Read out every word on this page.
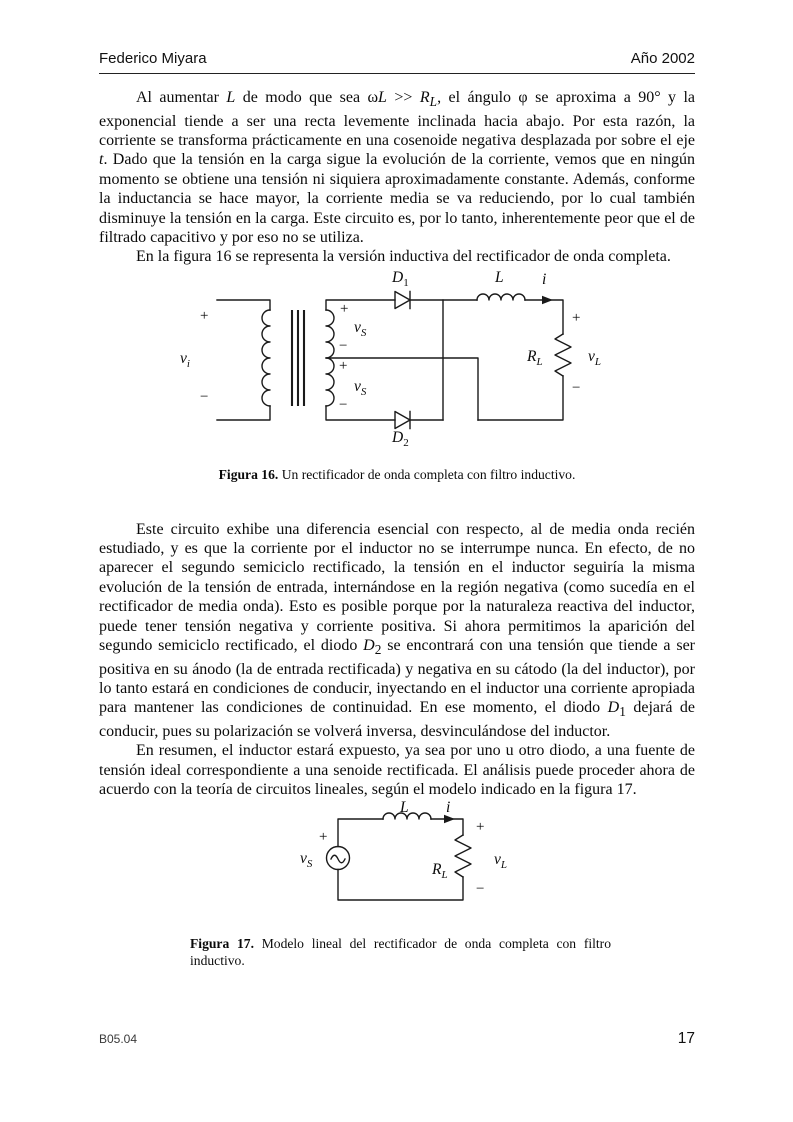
Federico Miyara	Año 2002

Al aumentar L de modo que sea $\omega L >> R_L$, el ángulo φ se aproxima a 90° y la exponencial tiende a ser una recta levemente inclinada hacia abajo. Por esta razón, la corriente se transforma prácticamente en una cosenoide negativa desplazada por sobre el eje t. Dado que la tensión en la carga sigue la evolución de la corriente, vemos que en ningún momento se obtiene una tensión ni siquiera aproximadamente constante. Además, conforme la inductancia se hace mayor, la corriente media se va reduciendo, por lo cual también disminuye la tensión en la carga. Este circuito es, por lo tanto, inherentemente peor que el de filtrado capacitivo y por eso no se utiliza.

En la figura 16 se representa la versión inductiva del rectificador de onda completa.

$v_i$
+
−
+
$v_S$
−
+
$v_S$
−
$D_1$
$D_2$
L i
+
$R_L$	$v_L$
−

Figura 16. Un rectificador de onda completa con filtro inductivo.

Este circuito exhibe una diferencia esencial con respecto, al de media onda recién estudiado, y es que la corriente por el inductor no se interrumpe nunca. En efecto, de no aparecer el segundo semiciclo rectificado, la tensión en el inductor seguiría la misma evolución de la tensión de entrada, internándose en la región negativa (como sucedía en el rectificador de media onda). Esto es posible porque por la naturaleza reactiva del inductor, puede tener tensión negativa y corriente positiva. Si ahora permitimos la aparición del segundo semiciclo rectificado, el diodo $D_2$ se encontrará con una tensión que tiende a ser positiva en su ánodo (la de entrada rectificada) y negativa en su cátodo (la del inductor), por lo tanto estará en condiciones de conducir, inyectando en el inductor una corriente apropiada para mantener las condiciones de continuidad. En ese momento, el diodo $D_1$ dejará de conducir, pues su polarización se volverá inversa, desvinculándose del inductor.

En resumen, el inductor estará expuesto, ya sea por uno u otro diodo, a una fuente de tensión ideal correspondiente a una senoide rectificada. El análisis puede proceder ahora de acuerdo con la teoría de circuitos lineales, según el modelo indicado en la figura 17.

L i
+
$v_S$
+
$v_L$
−
$R_L$

Figura 17. Modelo lineal del rectificador de onda completa con filtro inductivo.

B05.04	17
